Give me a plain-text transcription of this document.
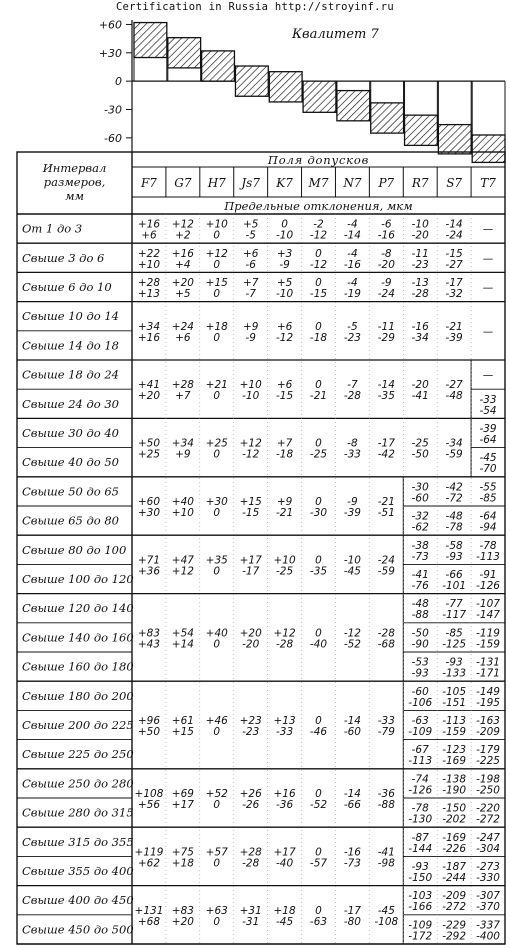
Certification in Russia http://stroyinf.ru
+60
+30
0
-30
-60
Квалитет 7
Интервал
размеров,
мм
Поля допусков
Предельные отклонения, мкм
F7 G7 H7 Js7 K7 M7 N7 P7 R7 S7 T7
От 1 до 3
Свыше 3 до 6
Свыше 6 до 10
Свыше 10 до 14
Свыше 14 до 18
Свыше 18 до 24
Свыше 24 до 30
Свыше 30 до 40
Свыше 40 до 50
Свыше 50 до 65
Свыше 65 до 80
Свыше 80 до 100
Свыше 100 до 120
Свыше 120 до 140
Свыше 140 до 160
Свыше 160 до 180
Свыше 180 до 200
Свыше 200 до 225
Свыше 225 до 250
Свыше 250 до 280
Свыше 280 до 315
Свыше 315 до 355
Свыше 355 до 400
Свыше 400 до 450
Свыше 450 до 500
+16
+6
+12
+2
+10
0
+5
-5
0
-10
-2
-12
-4
-14
-6
-16
-10
-20
-14
-24 —
+22
+10
+16
+4
+12
0
+6
-6
+3
-9
0
-12
-4
-16
-8
-20
-11
-23
-15
-27 —
+28
+13
+20
+5
+15
0
+7
-7
+5
-10
0
-15
-4
-19
-9
-24
-13
-28
-17
-32 —
+34
+16
+24
+6
+18
0
+9
-9
+6
-12
0
-18
-5
-23
-11
-29
-16
-34
-21
-39 —
+41
+20
+28
+7
+21
0
+10
-10
+6
-15
0
-21
-7
-28
-14
-35
-20
-41
-27
-48
—
-33
-54
+50
+25
+34
+9
+25
0
+12
-12
+7
-18
0
-25
-8
-33
-17
-42
-25
-50
-34
-59
-39
-64
-45
-70
+60
+30
+40
+10
+30
0
+15
-15
+9
-21
0
-30
-9
-39
-21
-51
-30
-60
-42
-72
-55
-85
-32
-62
-48
-78
-64
-94
+71
+36
+47
+12
+35
0
+17
-17
+10
-25
0
-35
-10
-45
-24
-59
-38
-73
-58
-93
-78
-113
-41
-76
-66
-101
-91
-126
+83
+43
+54
+14
+40
0
+20
-20
+12
-28
0
-40
-12
-52
-28
-68
-48
-88
-77
-117
-107
-147
-50
-90
-85
-125
-119
-159
-53
-93
-93
-133
-131
-171
+96
+50
+61
+15
+46
0
+23
-23
+13
-33
0
-46
-14
-60
-33
-79
-60
-106
-105
-151
-149
-195
-63
-109
-113
-159
-163
-209
-67
-113
-123
-169
-179
-225
+108
+56
+69
+17
+52
0
+26
-26
+16
-36
0
-52
-14
-66
-36
-88
-74
-126
-138
-190
-198
-250
-78
-130
-150
-202
-220
-272
+119
+62
+75
+18
+57
0
+28
-28
+17
-40
0
-57
-16
-73
-41
-98
-87
-144
-169
-226
-247
-304
-93
-150
-187
-244
-273
-330
+131
+68
+83
+20
+63
0
+31
-31
+18
-45
0
-63
-17
-80
-45
-108
-103
-166
-209
-272
-307
-370
-109
-172
-229
-292
-337
-400
